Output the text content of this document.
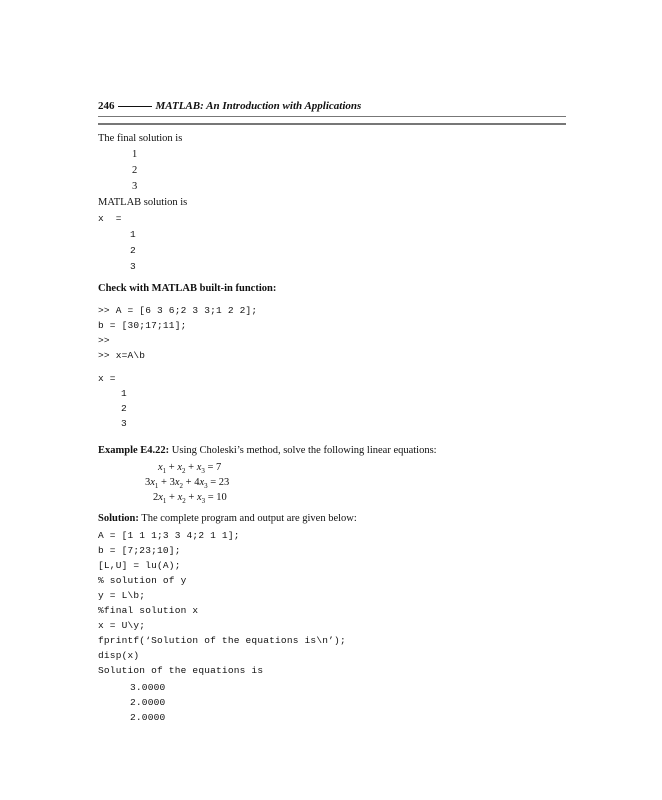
246	MATLAB: An Introduction with Applications
The final solution is
1
2
3
MATLAB solution is
x  =
1
2
3
Check with MATLAB built-in function:
>> A = [6 3 6;2 3 3;1 2 2];
b = [30;17;11];
>>
>> x=A\b
x =
1
2
3
Example E4.22: Using Choleski’s method, solve the following linear equations:
$x_1 + x_2 + x_3 = 7$
$3x_1 + 3x_2 + 4x_3 = 23$
$2x_1 + x_2 + x_3 = 10$
Solution: The complete program and output are given below:
A = [1 1 1;3 3 4;2 1 1];
b = [7;23;10];
[L,U] = lu(A);
% solution of y
y = L\b;
%final solution x
x = U\y;
fprintf(‘Solution of the equations is\n’);
disp(x)
Solution of the equations is
3.0000
2.0000
2.0000
